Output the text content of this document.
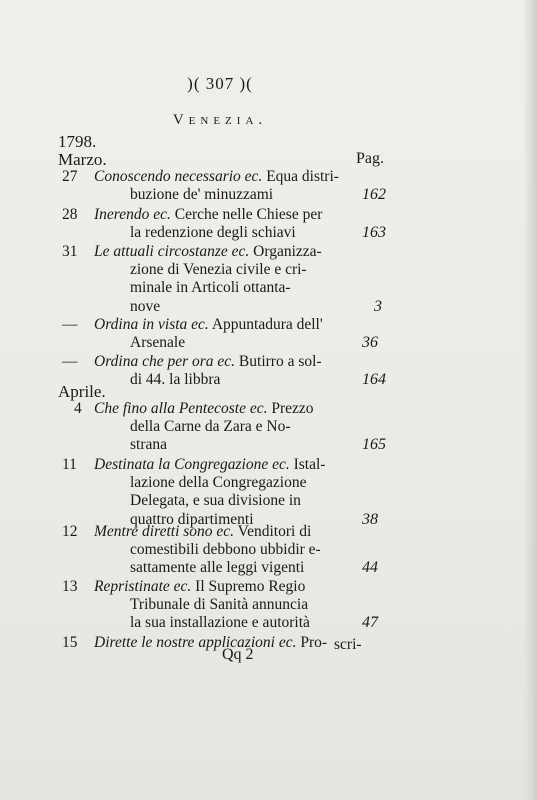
)( 307 )(
Venezia.
1798.
Marzo.	Pag.
Aprile.
27 Conoscendo necessario ec. Equa distri-
buzione de' minuzzami	162
28 Inerendo ec. Cerche nelle Chiese per
la redenzione degli schiavi	163
31 Le attuali circostanze ec. Organizza-
zione di Venezia civile e cri-
minale in Articoli ottanta-
nove	3
— Ordina in vista ec. Appuntadura dell'
Arsenale	36
— Ordina che per ora ec. Butirro a sol-
di 44. la libbra	164
4 Che fino alla Pentecoste ec. Prezzo
della Carne da Zara e No-
strana	165
11 Destinata la Congregazione ec. Istal-
lazione della Congregazione
Delegata, e sua divisione in
quattro dipartimenti	38
12 Mentre diretti sono ec. Venditori di
comestibili debbono ubbidir e-
sattamente alle leggi vigenti	44
13 Repristinate ec. Il Supremo Regio
Tribunale di Sanità annuncia
la sua installazione e autorità	47
15 Dirette le nostre applicazioni ec. Pro- scri-
Qq 2
